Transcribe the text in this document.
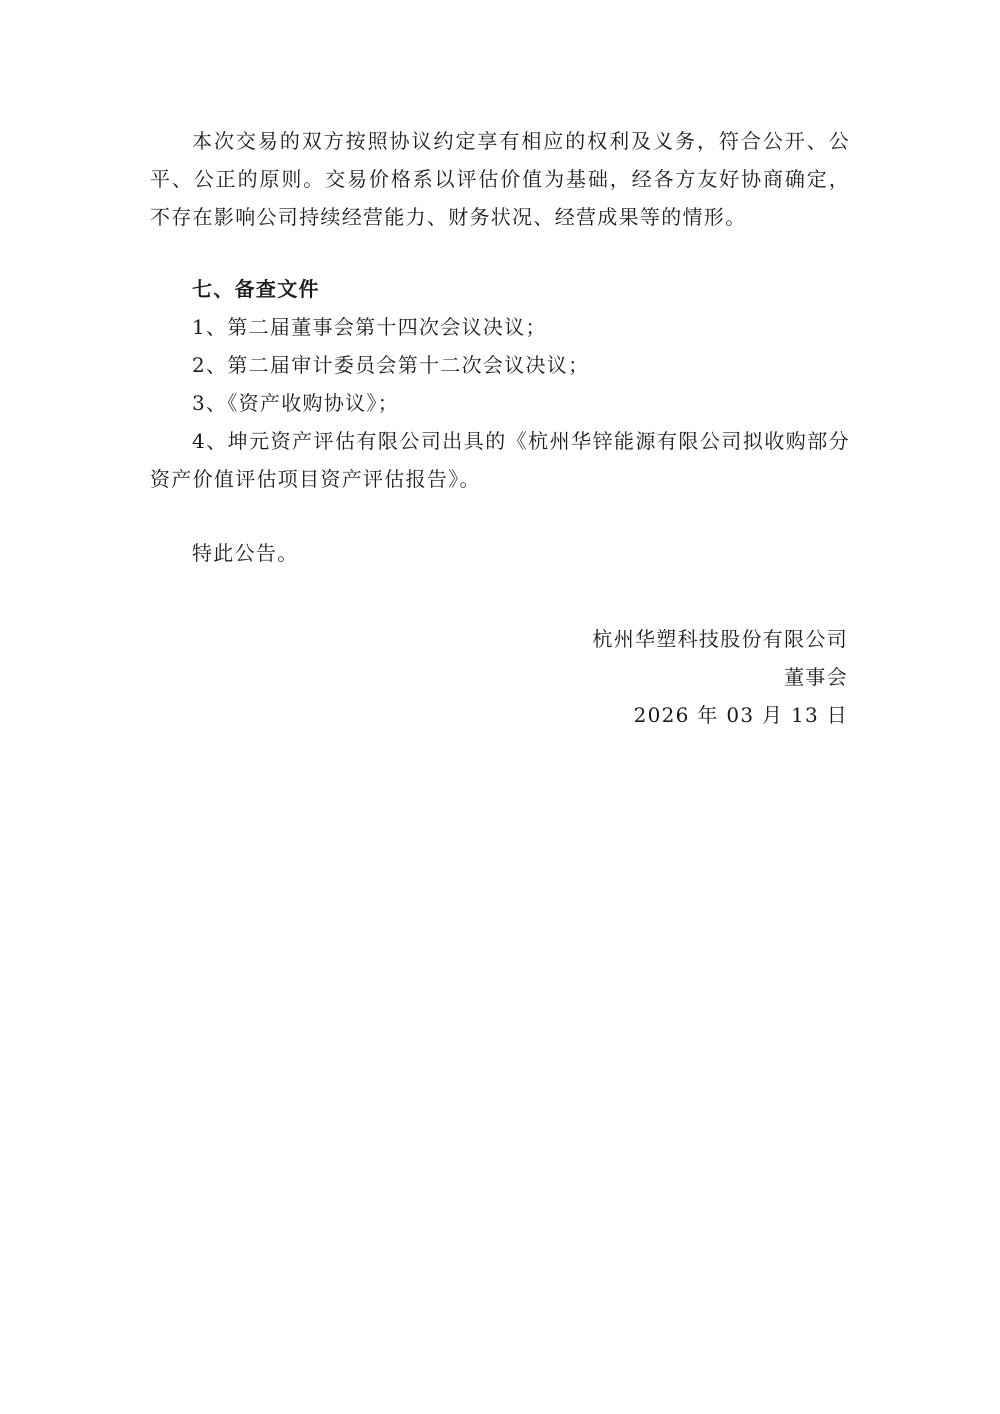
本次交易的双方按照协议约定享有相应的权利及义务，符合公开、公平、公正的原则。交易价格系以评估价值为基础，经各方友好协商确定，不存在影响公司持续经营能力、财务状况、经营成果等的情形。

七、备查文件

1、第二届董事会第十四次会议决议；

2、第二届审计委员会第十二次会议决议；

3、《资产收购协议》；

4、坤元资产评估有限公司出具的《杭州华锌能源有限公司拟收购部分资产价值评估项目资产评估报告》。

特此公告。

杭州华塑科技股份有限公司

董事会

2026 年 03 月 13 日
